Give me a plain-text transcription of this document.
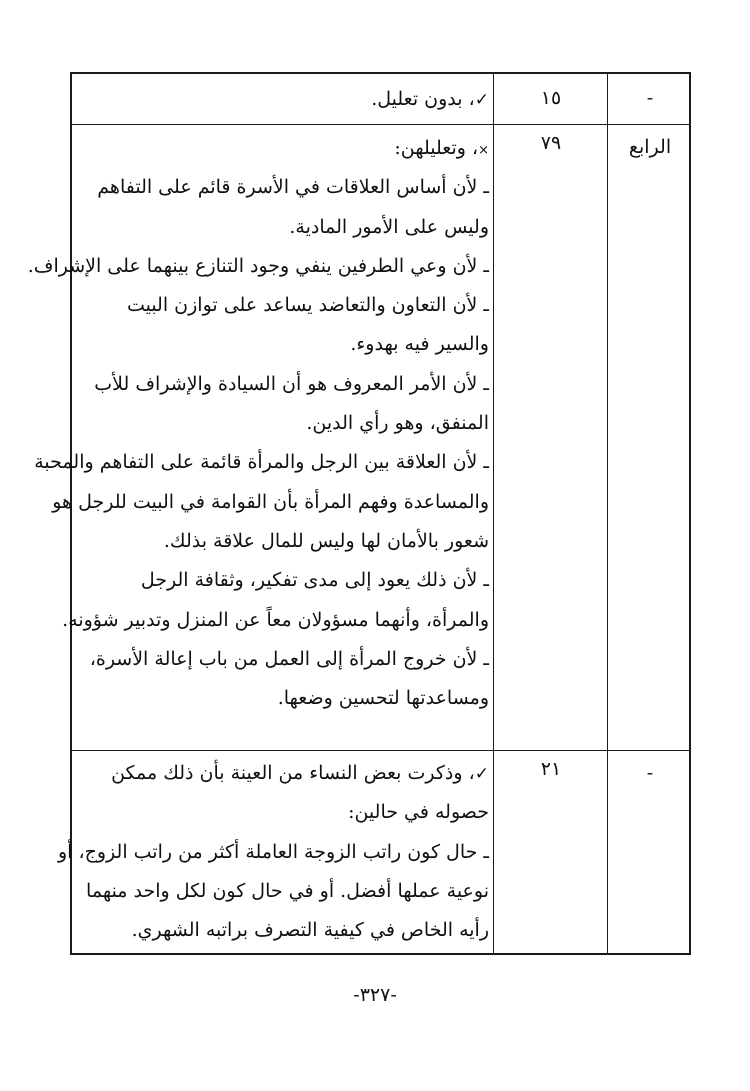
-
١٥
✓، بدون تعليل.
الرابع
٧٩
×، وتعليلهن:
ـ لأن أساس العلاقات في الأسرة قائم على التفاهم
وليس على الأمور المادية.
ـ لأن وعي الطرفين ينفي وجود التنازع بينهما على الإشراف.
ـ لأن التعاون والتعاضد يساعد على توازن البيت
والسير فيه بهدوء.
ـ لأن الأمر المعروف هو أن السيادة والإشراف للأب
المنفق، وهو رأي الدين.
ـ لأن العلاقة بين الرجل والمرأة قائمة على التفاهم والمحبة
والمساعدة وفهم المرأة بأن القوامة في البيت للرجل هو
شعور بالأمان لها وليس للمال علاقة بذلك.
ـ لأن ذلك يعود إلى مدى تفكير، وثقافة الرجل
والمرأة، وأنهما مسؤولان معاً عن المنزل وتدبير شؤونه.
ـ لأن خروج المرأة إلى العمل من باب إعالة الأسرة،
ومساعدتها لتحسين وضعها.
-
٢١
✓، وذكرت بعض النساء من العينة بأن ذلك ممكن
حصوله في حالين:
ـ حال كون راتب الزوجة العاملة أكثر من راتب الزوج، أو
نوعية عملها أفضل. أو في حال كون لكل واحد منهما
رأيه الخاص في كيفية التصرف براتبه الشهري.
-٣٢٧-
